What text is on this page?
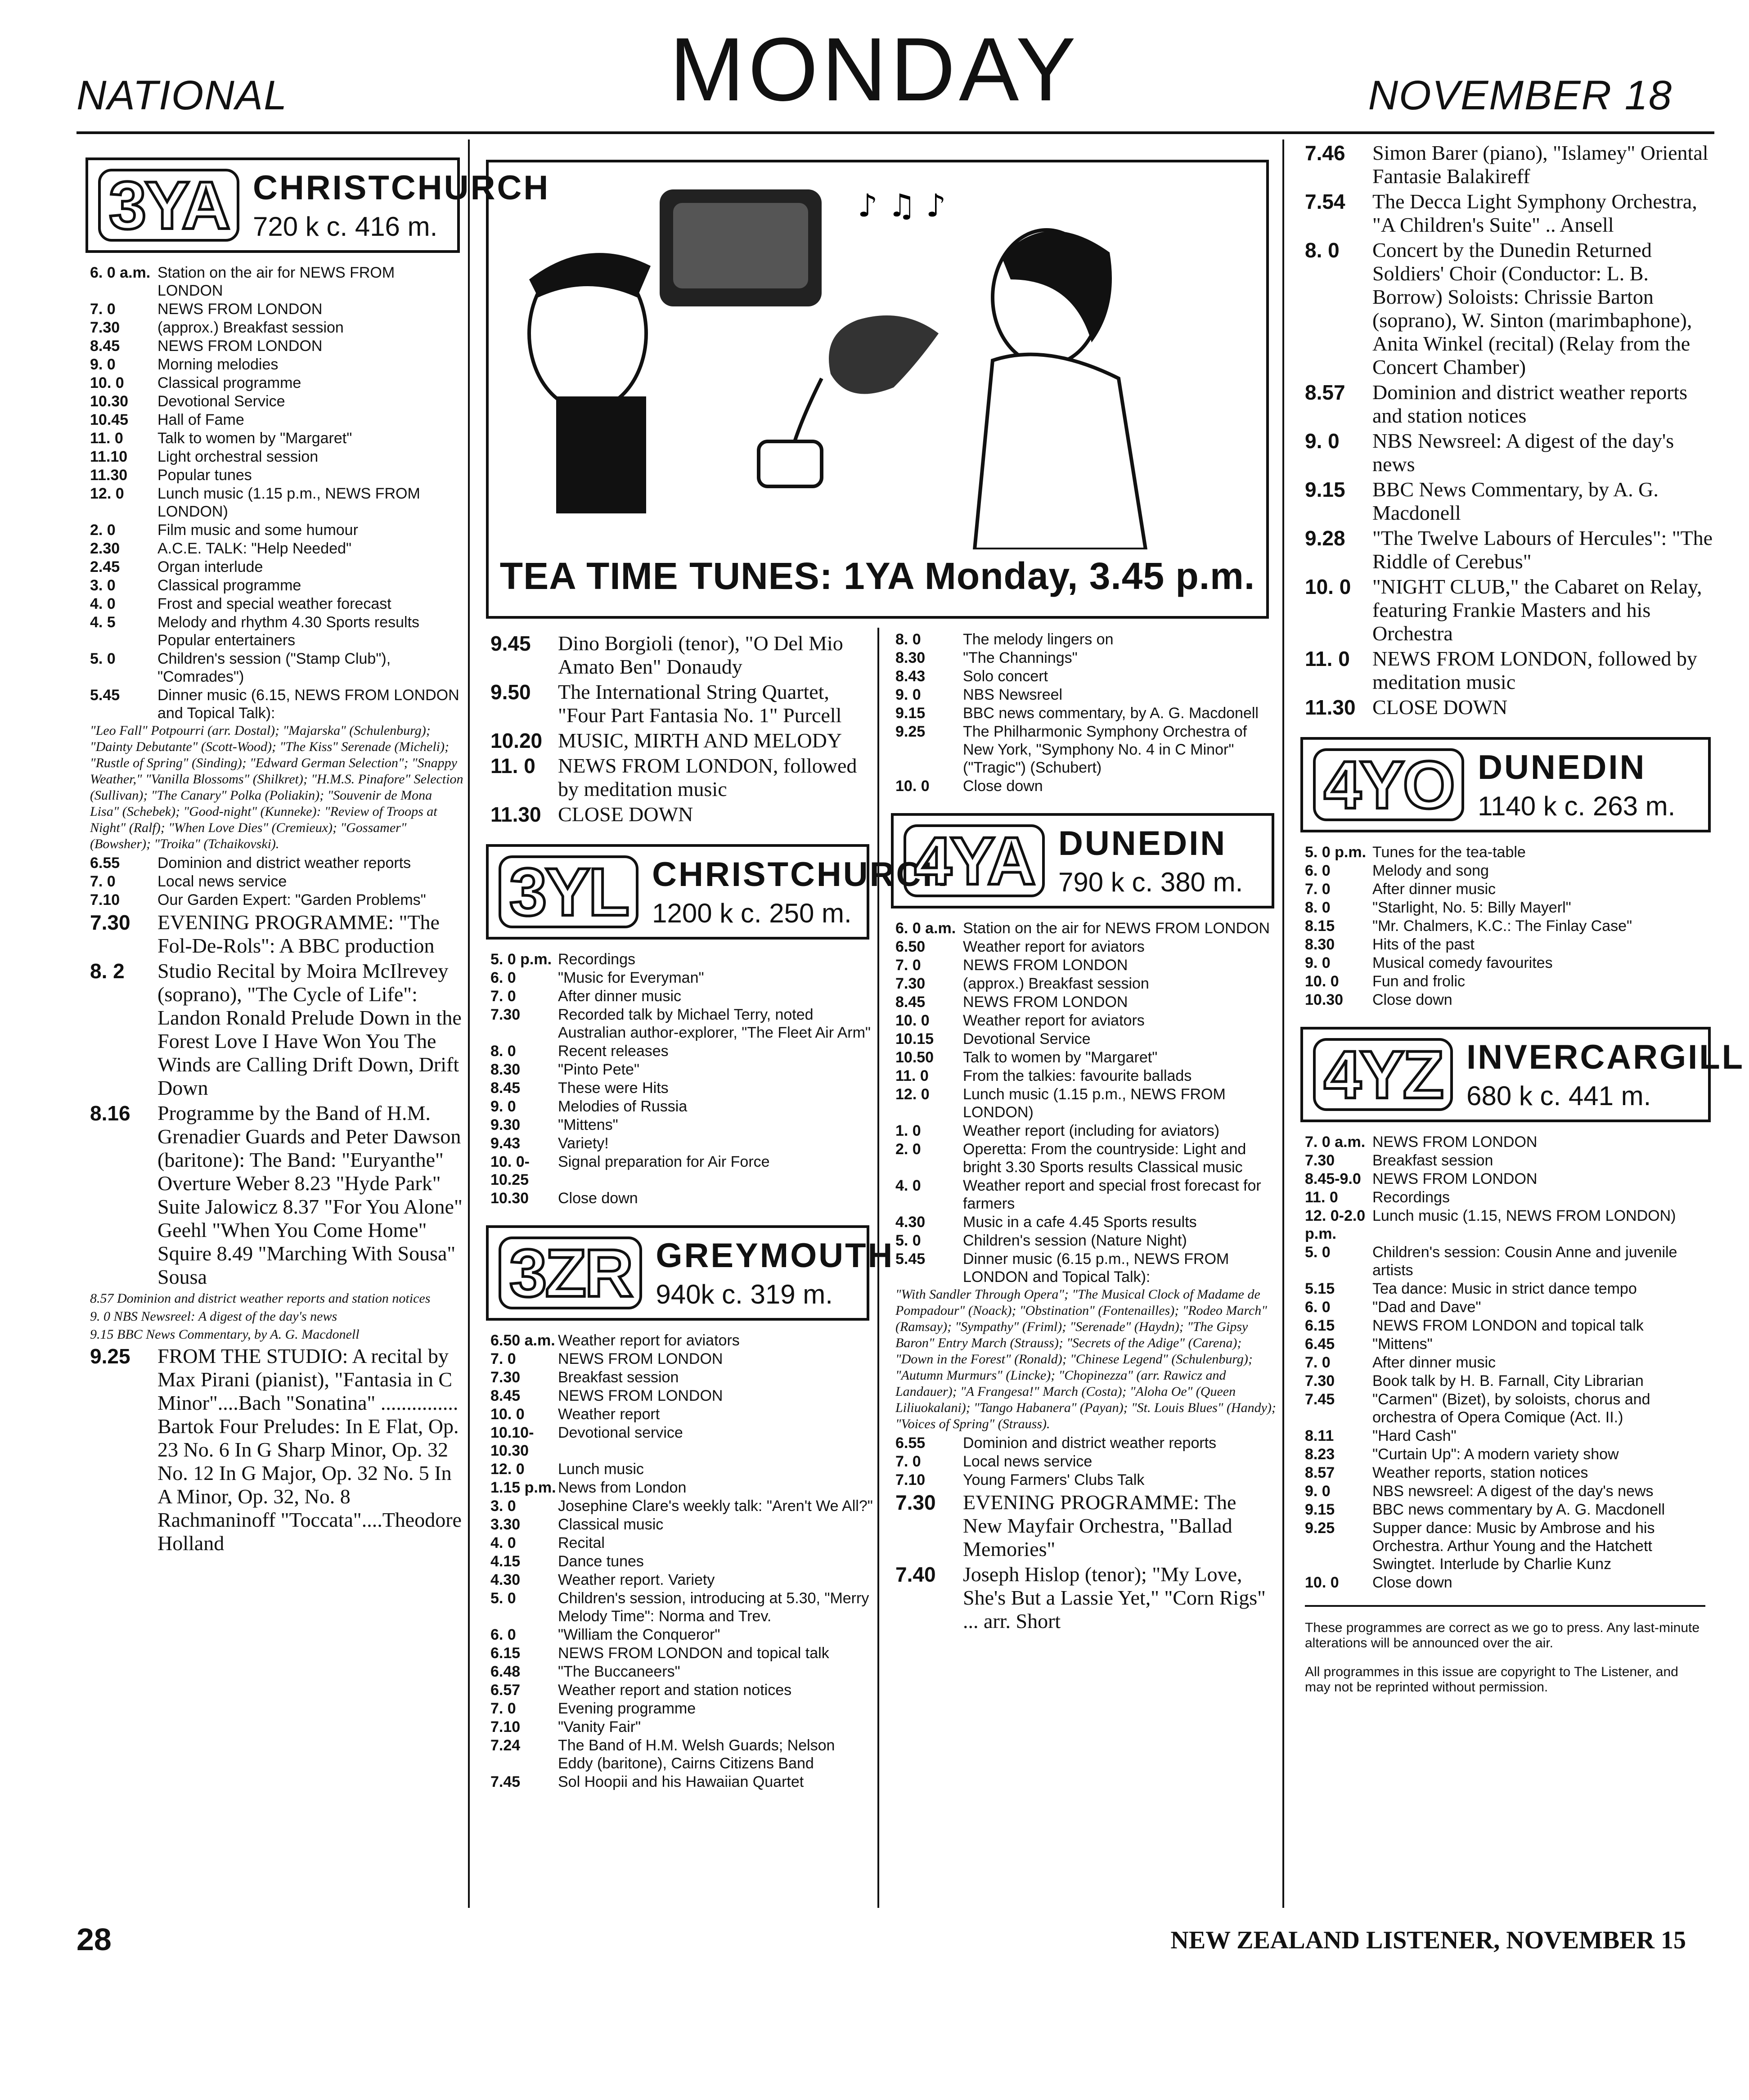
NATIONAL	MONDAY	NOVEMBER 18
3YA CHRISTCHURCH
720 k c. 416 m.
6. 0 a.m. Station on the air for NEWS FROM LONDON
7. 0	NEWS FROM LONDON
7.30	(approx.) Breakfast session
8.45	NEWS FROM LONDON
9. 0	Morning melodies
10. 0	Classical programme
10.30	Devotional Service
10.45	Hall of Fame
11. 0	Talk to women by "Margaret"
11.10	Light orchestral session
11.30	Popular tunes
12. 0	Lunch music (1.15 p.m., NEWS FROM LONDON)
2. 0	Film music and some humour
2.30	A.C.E. TALK: "Help Needed"
2.45	Organ interlude
3. 0	Classical programme
4. 0	Frost and special weather forecast
4. 5	Melody and rhythm 4.30 Sports results Popular entertainers
5. 0	Children's session ("Stamp Club"), "Comrades")
5.45	Dinner music (6.15, NEWS FROM LONDON and Topical Talk):
"Leo Fall" Potpourri (arr. Dostal); "Majarska" (Schulenburg); "Dainty Debutante" (Scott-Wood); "The Kiss" Serenade (Micheli); "Rustle of Spring" (Sinding); "Edward German Selection"; "Snappy Weather," "Vanilla Blossoms" (Shilkret); "H.M.S. Pinafore" Selection (Sullivan); "The Canary" Polka (Poliakin); "Souvenir de Mona Lisa" (Schebek); "Good-night" (Kunneke): "Review of Troops at Night" (Ralf); "When Love Dies" (Cremieux); "Gossamer" (Bowsher); "Troika" (Tchaikovski).
6.55	Dominion and district weather reports
7. 0	Local news service
7.10	Our Garden Expert: "Garden Problems"
7.30	EVENING PROGRAMME: "The Fol-De-Rols": A BBC production
8. 2	Studio Recital by Moira McIlrevey (soprano), "The Cycle of Life": Landon Ronald Prelude Down in the Forest Love I Have Won You The Winds are Calling Drift Down, Drift Down
8.16	Programme by the Band of H.M. Grenadier Guards and Peter Dawson (baritone): The Band: "Euryanthe" Overture Weber 8.23 "Hyde Park" Suite Jalowicz 8.37 "For You Alone" Geehl "When You Come Home" Squire 8.49 "Marching With Sousa" Sousa
8.57 Dominion and district weather reports and station notices
9. 0 NBS Newsreel: A digest of the day's news
9.15 BBC News Commentary, by A. G. Macdonell
9.25	FROM THE STUDIO: A recital by Max Pirani (pianist), "Fantasia in C Minor"....Bach "Sonatina" ............... Bartok Four Preludes: In E Flat, Op. 23 No. 6 In G Sharp Minor, Op. 32 No. 12 In G Major, Op. 32 No. 5 In A Minor, Op. 32, No. 8 Rachmaninoff "Toccata"....Theodore Holland
♪ ♫ ♪
TEA TIME TUNES: 1YA Monday, 3.45 p.m.
9.45	Dino Borgioli (tenor), "O Del Mio Amato Ben" Donaudy
9.50	The International String Quartet, "Four Part Fantasia No. 1" Purcell
10.20 MUSIC, MIRTH AND MELODY
11. 0	NEWS FROM LONDON, followed by meditation music
11.30 CLOSE DOWN
3YL CHRISTCHURCH
1200 k c. 250 m.
5. 0 p.m. Recordings
6. 0	"Music for Everyman"
7. 0	After dinner music
7.30	Recorded talk by Michael Terry, noted Australian author-explorer, "The Fleet Air Arm"
8. 0	Recent releases
8.30	"Pinto Pete"
8.45	These were Hits
9. 0	Melodies of Russia
9.30	"Mittens"
9.43	Variety!
10. 0-10.25
Signal preparation for Air Force
10.30	Close down
3ZR GREYMOUTH
940k c. 319 m.
6.50 a.m. Weather report for aviators
7. 0	NEWS FROM LONDON
7.30	Breakfast session
8.45	NEWS FROM LONDON
10. 0	Weather report
10.10-10.30
Devotional service
12. 0	Lunch music
1.15 p.m. News from London
3. 0	Josephine Clare's weekly talk: "Aren't We All?"
3.30	Classical music
4. 0	Recital
4.15	Dance tunes
4.30	Weather report. Variety
5. 0	Children's session, introducing at 5.30, "Merry Melody Time": Norma and Trev.
6. 0	"William the Conqueror"
6.15	NEWS FROM LONDON and topical talk
6.48	"The Buccaneers"
6.57	Weather report and station notices
7. 0	Evening programme
7.10	"Vanity Fair"
7.24	The Band of H.M. Welsh Guards; Nelson Eddy (baritone), Cairns Citizens Band
7.45	Sol Hoopii and his Hawaiian Quartet
8. 0	The melody lingers on
8.30	"The Channings"
8.43	Solo concert
9. 0	NBS Newsreel
9.15	BBC news commentary, by A. G. Macdonell
9.25	The Philharmonic Symphony Orchestra of New York, "Symphony No. 4 in C Minor" ("Tragic") (Schubert)
10. 0	Close down
4YA DUNEDIN
790 k c. 380 m.
6. 0 a.m. Station on the air for NEWS FROM LONDON
6.50	Weather report for aviators
7. 0	NEWS FROM LONDON
7.30	(approx.) Breakfast session
8.45	NEWS FROM LONDON
10. 0	Weather report for aviators
10.15	Devotional Service
10.50	Talk to women by "Margaret"
11. 0	From the talkies: favourite ballads
12. 0	Lunch music (1.15 p.m., NEWS FROM LONDON)
1. 0	Weather report (including for aviators)
2. 0	Operetta: From the countryside: Light and bright 3.30 Sports results Classical music
4. 0	Weather report and special frost forecast for farmers
4.30	Music in a cafe 4.45 Sports results
5. 0	Children's session (Nature Night)
5.45	Dinner music (6.15 p.m., NEWS FROM LONDON and Topical Talk):
"With Sandler Through Opera"; "The Musical Clock of Madame de Pompadour" (Noack); "Obstination" (Fontenailles); "Rodeo March" (Ramsay); "Sympathy" (Friml); "Serenade" (Haydn); "The Gipsy Baron" Entry March (Strauss); "Secrets of the Adige" (Carena); "Down in the Forest" (Ronald); "Chinese Legend" (Schulenburg); "Autumn Murmurs" (Lincke); "Chopinezza" (arr. Rawicz and Landauer); "A Frangesa!" March (Costa); "Aloha Oe" (Queen Liliuokalani); "Tango Habanera" (Payan); "St. Louis Blues" (Handy); "Voices of Spring" (Strauss).
6.55	Dominion and district weather reports
7. 0	Local news service
7.10	Young Farmers' Clubs Talk
7.30	EVENING PROGRAMME: The New Mayfair Orchestra, "Ballad Memories"
7.40	Joseph Hislop (tenor); "My Love, She's But a Lassie Yet," "Corn Rigs" ... arr. Short
7.46	Simon Barer (piano), "Islamey" Oriental Fantasie Balakireff
7.54	The Decca Light Symphony Orchestra, "A Children's Suite" .. Ansell
8. 0	Concert by the Dunedin Returned Soldiers' Choir (Conductor: L. B. Borrow) Soloists: Chrissie Barton (soprano), W. Sinton (marimbaphone), Anita Winkel (recital) (Relay from the Concert Chamber)
8.57	Dominion and district weather reports and station notices
9. 0	NBS Newsreel: A digest of the day's news
9.15	BBC News Commentary, by A. G. Macdonell
9.28	"The Twelve Labours of Hercules": "The Riddle of Cerebus"
10. 0	"NIGHT CLUB," the Cabaret on Relay, featuring Frankie Masters and his Orchestra
11. 0	NEWS FROM LONDON, followed by meditation music
11.30 CLOSE DOWN
4YO DUNEDIN
1140 k c. 263 m.
5. 0 p.m. Tunes for the tea-table
6. 0	Melody and song
7. 0	After dinner music
8. 0	"Starlight, No. 5: Billy Mayerl"
8.15	"Mr. Chalmers, K.C.: The Finlay Case"
8.30	Hits of the past
9. 0	Musical comedy favourites
10. 0	Fun and frolic
10.30	Close down
4YZ INVERCARGILL
680 k c. 441 m.
7. 0 a.m. NEWS FROM LONDON
7.30	Breakfast session
8.45-9.0 NEWS FROM LONDON
11. 0	Recordings
12. 0-2.0 p.m.
Lunch music (1.15, NEWS FROM LONDON)
5. 0	Children's session: Cousin Anne and juvenile artists
5.15	Tea dance: Music in strict dance tempo
6. 0	"Dad and Dave"
6.15	NEWS FROM LONDON and topical talk
6.45	"Mittens"
7. 0	After dinner music
7.30	Book talk by H. B. Farnall, City Librarian
7.45	"Carmen" (Bizet), by soloists, chorus and orchestra of Opera Comique (Act. II.)
8.11	"Hard Cash"
8.23	"Curtain Up": A modern variety show
8.57	Weather reports, station notices
9. 0	NBS newsreel: A digest of the day's news
9.15	BBC news commentary by A. G. Macdonell
9.25	Supper dance: Music by Ambrose and his Orchestra. Arthur Young and the Hatchett Swingtet. Interlude by Charlie Kunz
10. 0	Close down
These programmes are correct as we go to press. Any last-minute alterations will be announced over the air.
All programmes in this issue are copyright to The Listener, and may not be reprinted without permission.
28	NEW ZEALAND LISTENER, NOVEMBER 15
